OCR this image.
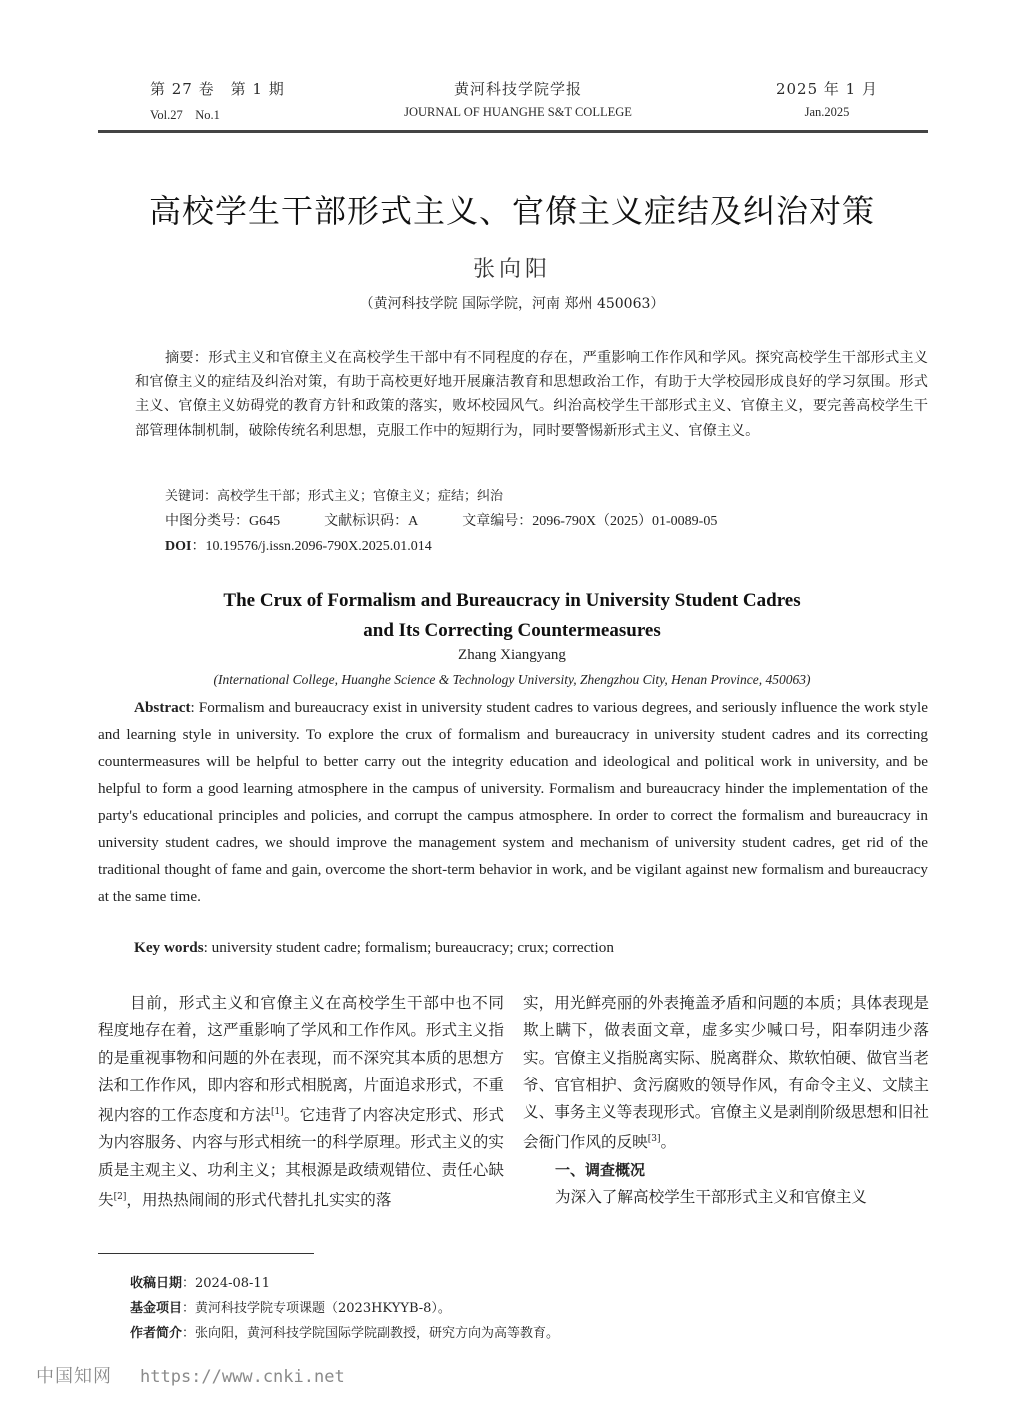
第 27 卷　第 1 期
Vol.27　No.1
黄河科技学院学报
JOURNAL OF HUANGHE S&T COLLEGE
2025 年 1 月
Jan.2025
高校学生干部形式主义、官僚主义症结及纠治对策
张向阳
（黄河科技学院 国际学院，河南 郑州 450063）

摘要：形式主义和官僚主义在高校学生干部中有不同程度的存在，严重影响工作作风和学风。探究高校学生干部形式主义和官僚主义的症结及纠治对策，有助于高校更好地开展廉洁教育和思想政治工作，有助于大学校园形成良好的学习氛围。形式主义、官僚主义妨碍党的教育方针和政策的落实，败坏校园风气。纠治高校学生干部形式主义、官僚主义，要完善高校学生干部管理体制机制，破除传统名利思想，克服工作中的短期行为，同时要警惕新形式主义、官僚主义。

关键词：高校学生干部；形式主义；官僚主义；症结；纠治
中图分类号：G645	文献标识码：A	文章编号：2096-790X（2025）01-0089-05
DOI：10.19576/j.issn.2096-790X.2025.01.014
The Crux of Formalism and Bureaucracy in University Student Cadres
and Its Correcting Countermeasures
Zhang Xiangyang
(International College, Huanghe Science & Technology University, Zhengzhou City, Henan Province, 450063)

Abstract: Formalism and bureaucracy exist in university student cadres to various degrees, and seriously influence the work style and learning style in university. To explore the crux of formalism and bureaucracy in university student cadres and its correcting countermeasures will be helpful to better carry out the integrity education and ideological and political work in university, and be helpful to form a good learning atmosphere in the campus of university. Formalism and bureaucracy hinder the implementation of the party's educational principles and policies, and corrupt the campus atmosphere. In order to correct the formalism and bureaucracy in university student cadres, we should improve the management system and mechanism of university student cadres, get rid of the traditional thought of fame and gain, overcome the short-term behavior in work, and be vigilant against new formalism and bureaucracy at the same time.

Key words: university student cadre; formalism; bureaucracy; crux; correction

目前，形式主义和官僚主义在高校学生干部中也不同程度地存在着，这严重影响了学风和工作作风。形式主义指的是重视事物和问题的外在表现，而不深究其本质的思想方法和工作作风，即内容和形式相脱离，片面追求形式，不重视内容的工作态度和方法[1]。它违背了内容决定形式、形式为内容服务、内容与形式相统一的科学原理。形式主义的实质是主观主义、功利主义；其根源是政绩观错位、责任心缺失[2]，用热热闹闹的形式代替扎扎实实的落

实，用光鲜亮丽的外表掩盖矛盾和问题的本质；具体表现是欺上瞒下，做表面文章，虚多实少喊口号，阳奉阴违少落实。官僚主义指脱离实际、脱离群众、欺软怕硬、做官当老爷、官官相护、贪污腐败的领导作风，有命令主义、文牍主义、事务主义等表现形式。官僚主义是剥削阶级思想和旧社会衙门作风的反映[3]。

一、调查概况

为深入了解高校学生干部形式主义和官僚主义

收稿日期：2024-08-11
基金项目：黄河科技学院专项课题（2023HKYYB-8）。
作者简介：张向阳，黄河科技学院国际学院副教授，研究方向为高等教育。
中国知网 https://www.cnki.net
